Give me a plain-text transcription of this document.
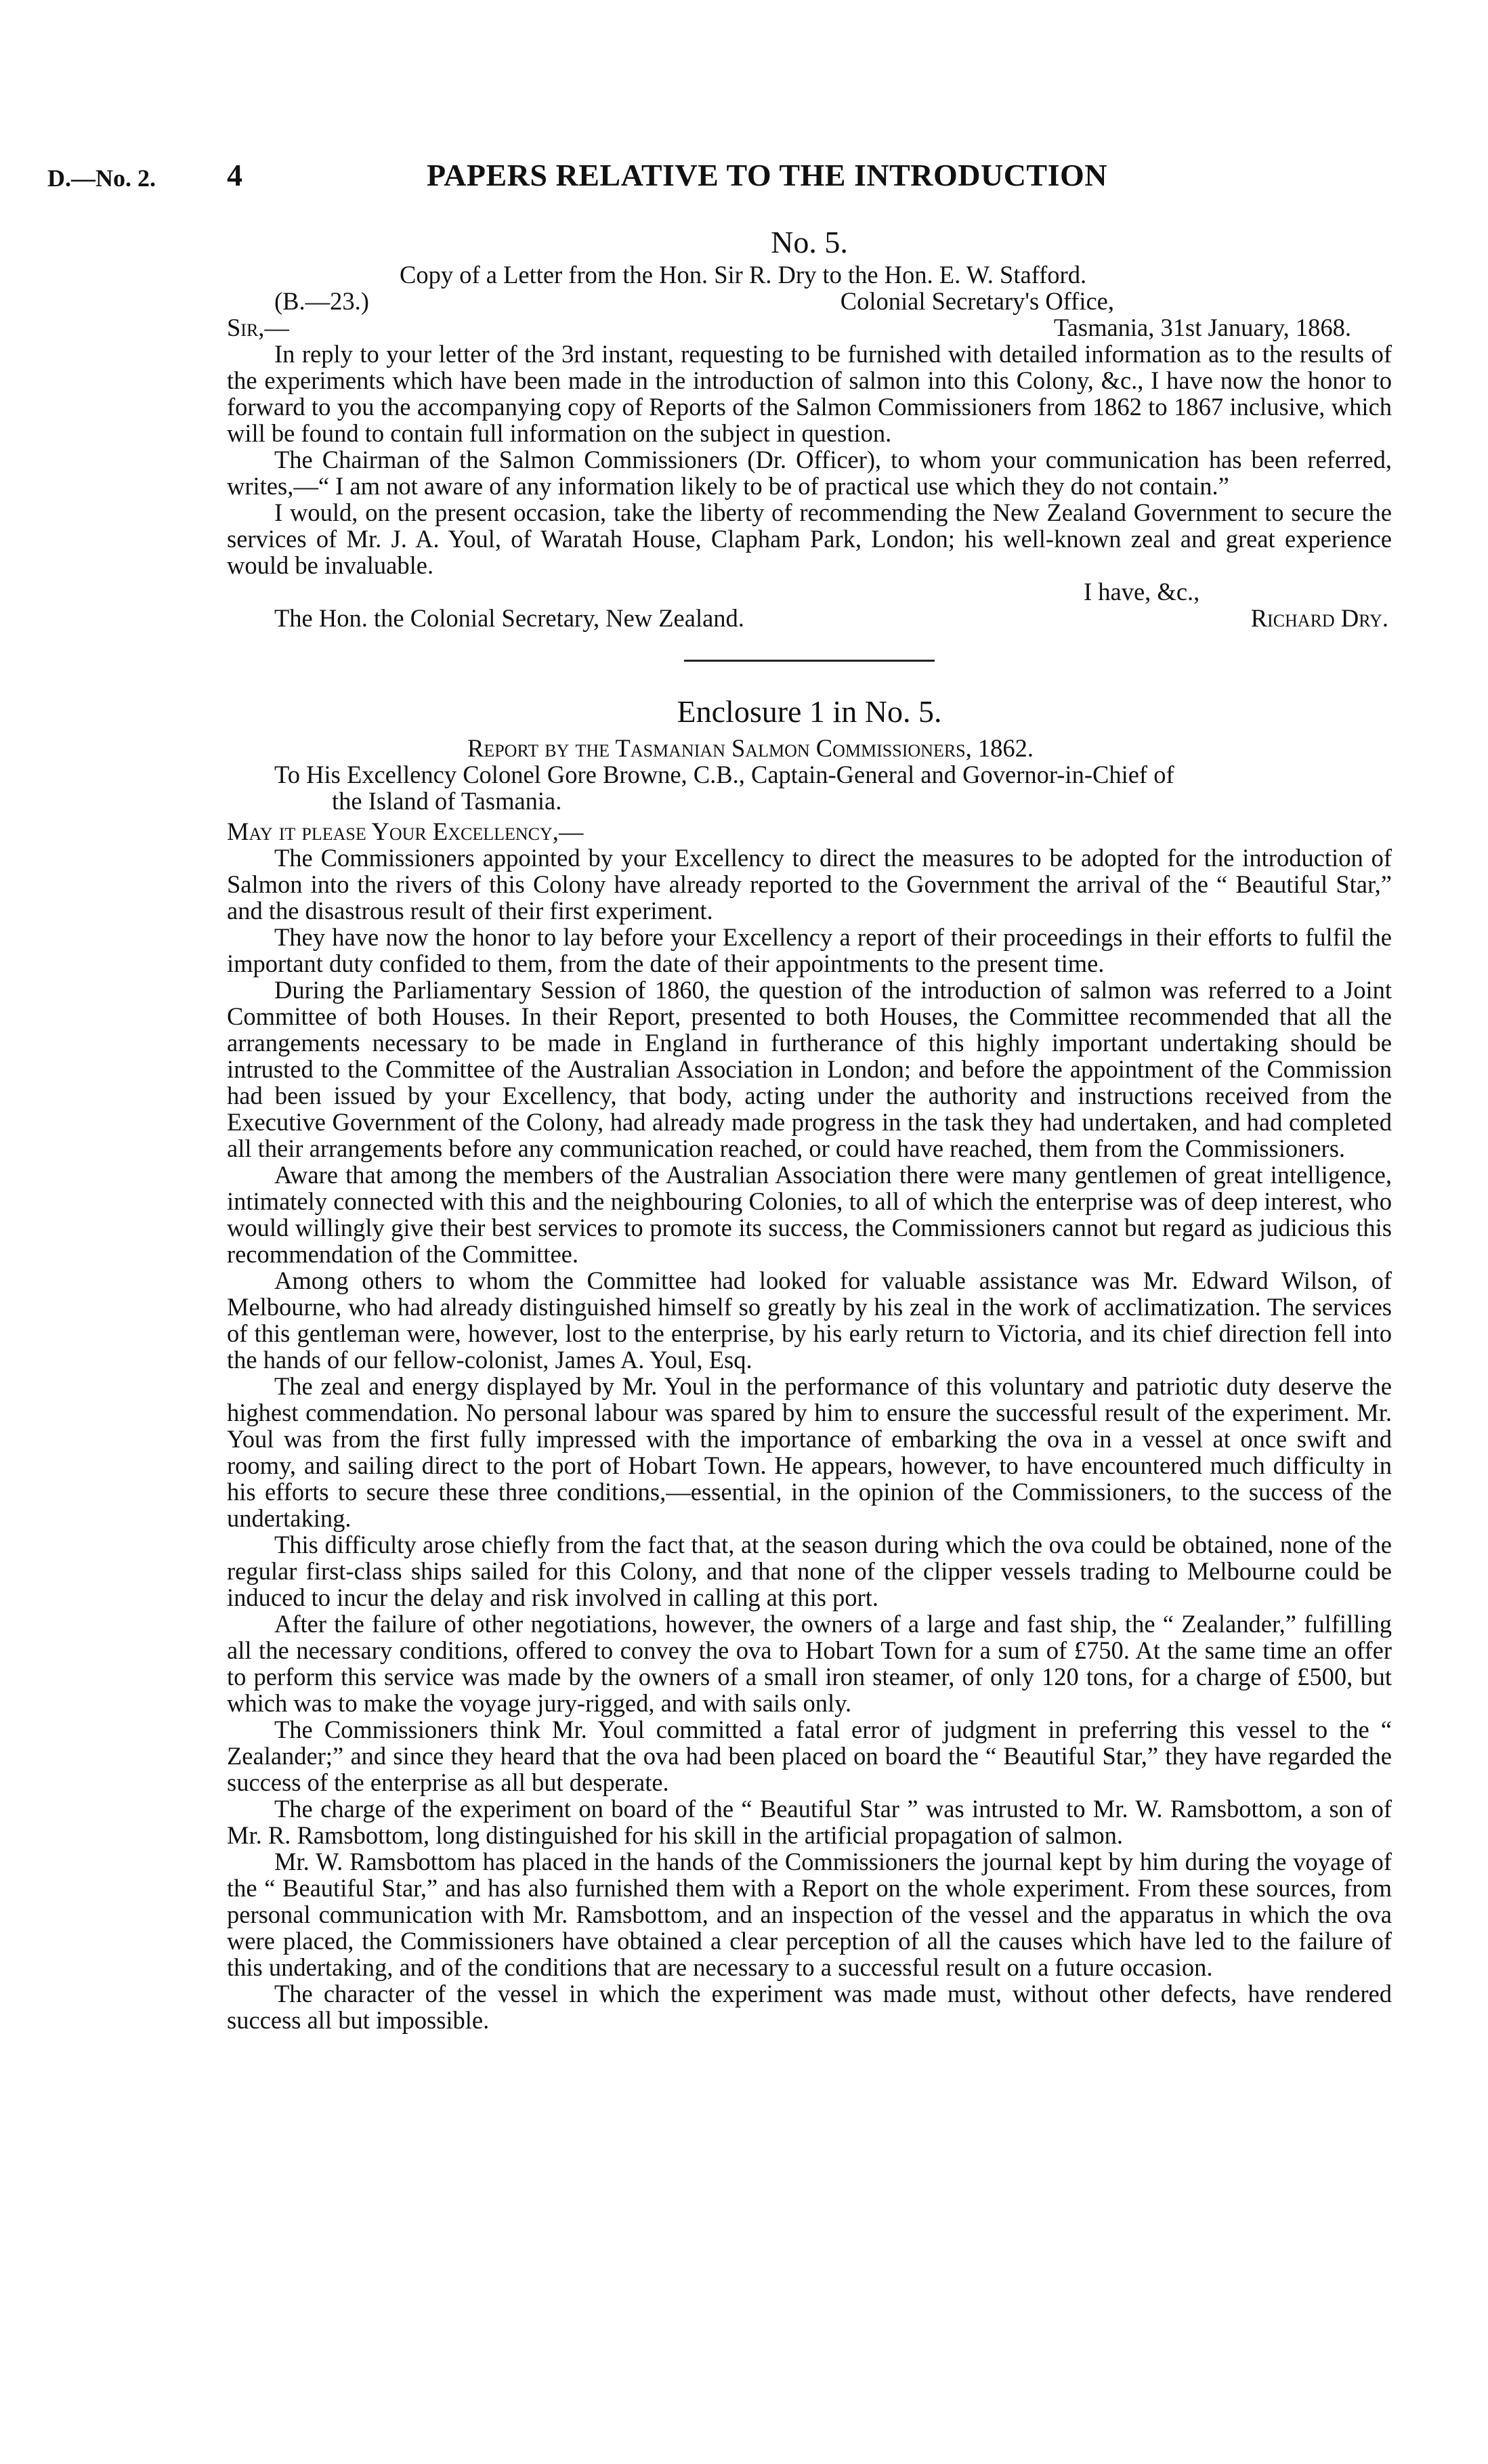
D.—No. 2. 4	PAPERS RELATIVE TO THE INTRODUCTION
No. 5.

Copy of a Letter from the Hon. Sir R. Dry to the Hon. E. W. Stafford.

(B.—23.)	Colonial Secretary's Office,
Sir,—	Tasmania, 31st January, 1868.

In reply to your letter of the 3rd instant, requesting to be furnished with detailed information as to the results of the experiments which have been made in the introduction of salmon into this Colony, &c., I have now the honor to forward to you the accompanying copy of Reports of the Salmon Commissioners from 1862 to 1867 inclusive, which will be found to contain full information on the subject in question.

The Chairman of the Salmon Commissioners (Dr. Officer), to whom your communication has been referred, writes,—“ I am not aware of any information likely to be of practical use which they do not contain.”

I would, on the present occasion, take the liberty of recommending the New Zealand Government to secure the services of Mr. J. A. Youl, of Waratah House, Clapham Park, London; his well-known zeal and great experience would be invaluable.

I have, &c.,
The Hon. the Colonial Secretary, New Zealand.	Richard Dry.
Enclosure 1 in No. 5.

Report by the Tasmanian Salmon Commissioners, 1862.

To His Excellency Colonel Gore Browne, C.B., Captain-General and Governor-in-Chief of

the Island of Tasmania.

May it please Your Excellency,—

The Commissioners appointed by your Excellency to direct the measures to be adopted for the introduction of Salmon into the rivers of this Colony have already reported to the Government the arrival of the “ Beautiful Star,” and the disastrous result of their first experiment.

They have now the honor to lay before your Excellency a report of their proceedings in their efforts to fulfil the important duty confided to them, from the date of their appointments to the present time.

During the Parliamentary Session of 1860, the question of the introduction of salmon was referred to a Joint Committee of both Houses. In their Report, presented to both Houses, the Committee recommended that all the arrangements necessary to be made in England in furtherance of this highly important undertaking should be intrusted to the Committee of the Australian Association in London; and before the appointment of the Commission had been issued by your Excellency, that body, acting under the authority and instructions received from the Executive Government of the Colony, had already made progress in the task they had undertaken, and had completed all their arrangements before any communication reached, or could have reached, them from the Commissioners.

Aware that among the members of the Australian Association there were many gentlemen of great intelligence, intimately connected with this and the neighbouring Colonies, to all of which the enterprise was of deep interest, who would willingly give their best services to promote its success, the Commissioners cannot but regard as judicious this recommendation of the Committee.

Among others to whom the Committee had looked for valuable assistance was Mr. Edward Wilson, of Melbourne, who had already distinguished himself so greatly by his zeal in the work of acclimatization. The services of this gentleman were, however, lost to the enterprise, by his early return to Victoria, and its chief direction fell into the hands of our fellow-colonist, James A. Youl, Esq.

The zeal and energy displayed by Mr. Youl in the performance of this voluntary and patriotic duty deserve the highest commendation. No personal labour was spared by him to ensure the successful result of the experiment. Mr. Youl was from the first fully impressed with the importance of embarking the ova in a vessel at once swift and roomy, and sailing direct to the port of Hobart Town. He appears, however, to have encountered much difficulty in his efforts to secure these three conditions,—essential, in the opinion of the Commissioners, to the success of the undertaking.

This difficulty arose chiefly from the fact that, at the season during which the ova could be obtained, none of the regular first-class ships sailed for this Colony, and that none of the clipper vessels trading to Melbourne could be induced to incur the delay and risk involved in calling at this port.

After the failure of other negotiations, however, the owners of a large and fast ship, the “ Zealander,” fulfilling all the necessary conditions, offered to convey the ova to Hobart Town for a sum of £750. At the same time an offer to perform this service was made by the owners of a small iron steamer, of only 120 tons, for a charge of £500, but which was to make the voyage jury-rigged, and with sails only.

The Commissioners think Mr. Youl committed a fatal error of judgment in preferring this vessel to the “ Zealander;” and since they heard that the ova had been placed on board the “ Beautiful Star,” they have regarded the success of the enterprise as all but desperate.

The charge of the experiment on board of the “ Beautiful Star ” was intrusted to Mr. W. Ramsbottom, a son of Mr. R. Ramsbottom, long distinguished for his skill in the artificial propagation of salmon.

Mr. W. Ramsbottom has placed in the hands of the Commissioners the journal kept by him during the voyage of the “ Beautiful Star,” and has also furnished them with a Report on the whole experiment. From these sources, from personal communication with Mr. Ramsbottom, and an inspection of the vessel and the apparatus in which the ova were placed, the Commissioners have obtained a clear perception of all the causes which have led to the failure of this undertaking, and of the conditions that are necessary to a successful result on a future occasion.

The character of the vessel in which the experiment was made must, without other defects, have rendered success all but impossible.
